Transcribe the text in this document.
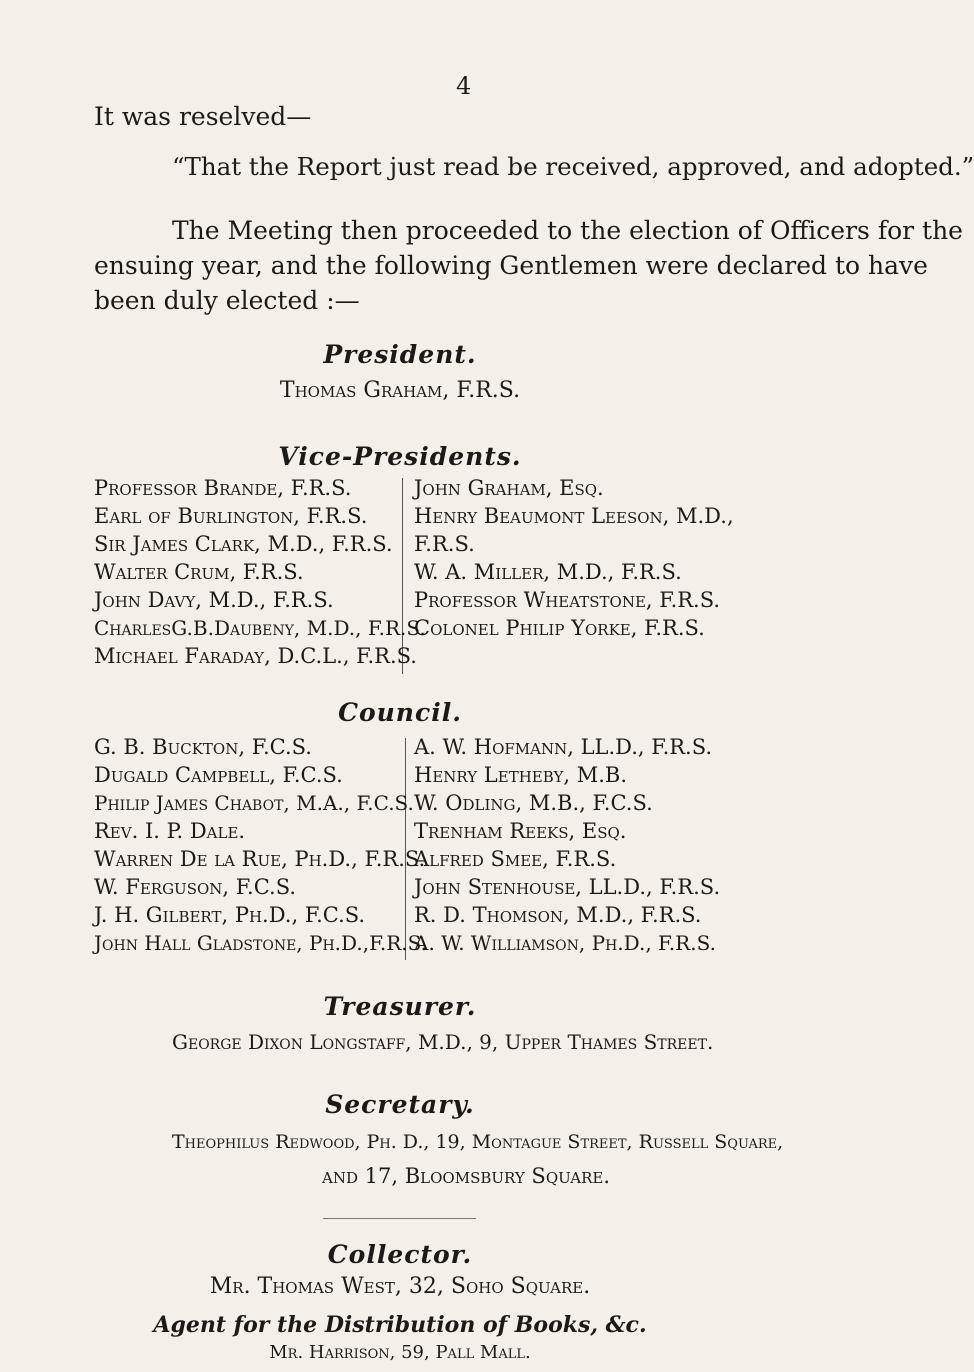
4

It was reselved—

“That the Report just read be received, approved, and adopted.”

The Meeting then proceeded to the election of Officers for the

ensuing year, and the following Gentlemen were declared to have

been duly elected :—

President.
Thomas Graham, F.R.S.
Vice-Presidents.
Professor Brande, F.R.S.
Earl of Burlington, F.R.S.
Sir James Clark, M.D., F.R.S.
Walter Crum, F.R.S.
John Davy, M.D., F.R.S.
CharlesG.B.Daubeny, M.D., F.R.S.
Michael Faraday, D.C.L., F.R.S.
John Graham, Esq.
Henry Beaumont Leeson, M.D.,
F.R.S.
W. A. Miller, M.D., F.R.S.
Professor Wheatstone, F.R.S.
Colonel Philip Yorke, F.R.S.
Council.
G. B. Buckton, F.C.S.
Dugald Campbell, F.C.S.
Philip James Chabot, M.A., F.C.S.
Rev. I. P. Dale.
Warren De la Rue, Ph.D., F.R.S.
W. Ferguson, F.C.S.
J. H. Gilbert, Ph.D., F.C.S.
John Hall Gladstone, Ph.D.,F.R.S.
A. W. Hofmann, LL.D., F.R.S.
Henry Letheby, M.B.
W. Odling, M.B., F.C.S.
Trenham Reeks, Esq.
Alfred Smee, F.R.S.
John Stenhouse, LL.D., F.R.S.
R. D. Thomson, M.D., F.R.S.
A. W. Williamson, Ph.D., F.R.S.
Treasurer.
George Dixon Longstaff, M.D., 9, Upper Thames Street.
Secretary.
Theophilus Redwood, Ph. D., 19, Montague Street, Russell Square,
and 17, Bloomsbury Square.
Collector.
Mr. Thomas West, 32, Soho Square.
Agent for the Distribution of Books, &c.
Mr. Harrison, 59, Pall Mall.
